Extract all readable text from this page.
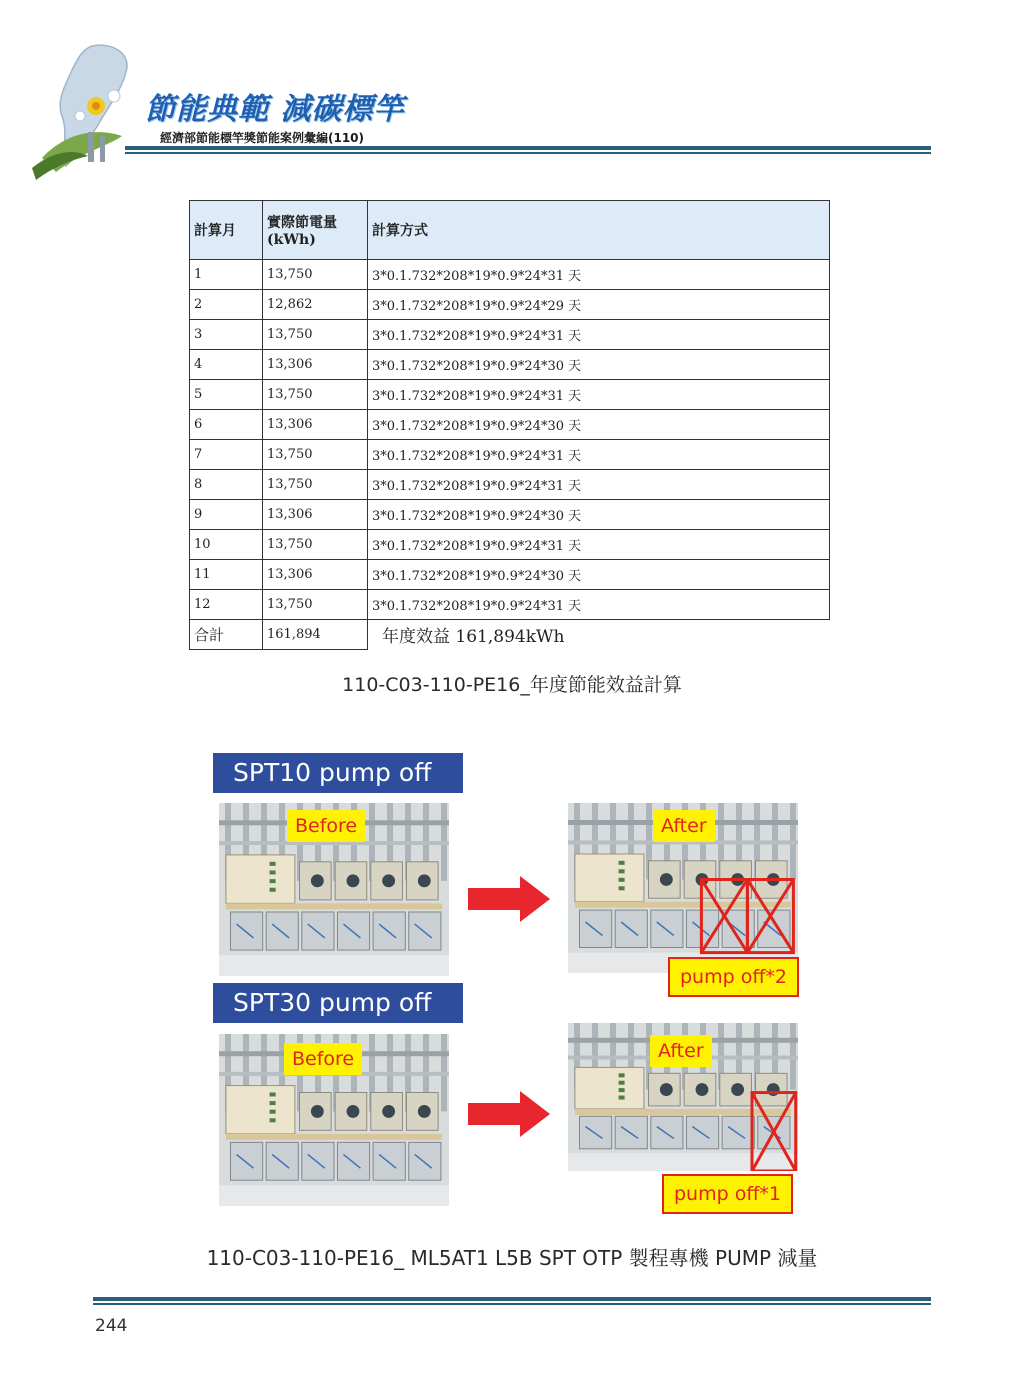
節能典範 減碳標竿
經濟部節能標竿獎節能案例彙編(110)
計算月	實際節電量(kWh)	計算方式
1	13,750	3*0.1.732*208*19*0.9*24*31 天
2	12,862	3*0.1.732*208*19*0.9*24*29 天
3	13,750	3*0.1.732*208*19*0.9*24*31 天
4	13,306	3*0.1.732*208*19*0.9*24*30 天
5	13,750	3*0.1.732*208*19*0.9*24*31 天
6	13,306	3*0.1.732*208*19*0.9*24*30 天
7	13,750	3*0.1.732*208*19*0.9*24*31 天
8	13,750	3*0.1.732*208*19*0.9*24*31 天
9	13,306	3*0.1.732*208*19*0.9*24*30 天
10	13,750	3*0.1.732*208*19*0.9*24*31 天
11	13,306	3*0.1.732*208*19*0.9*24*30 天
12	13,750	3*0.1.732*208*19*0.9*24*31 天
合計	161,894	年度效益 161,894kWh
110-C03-110-PE16_年度節能效益計算
SPT10 pump off
SPT30 pump off
Before	After
pump off*2
Before	After
pump off*1
110-C03-110-PE16_ ML5AT1 L5B SPT OTP 製程專機 PUMP 減量
244
